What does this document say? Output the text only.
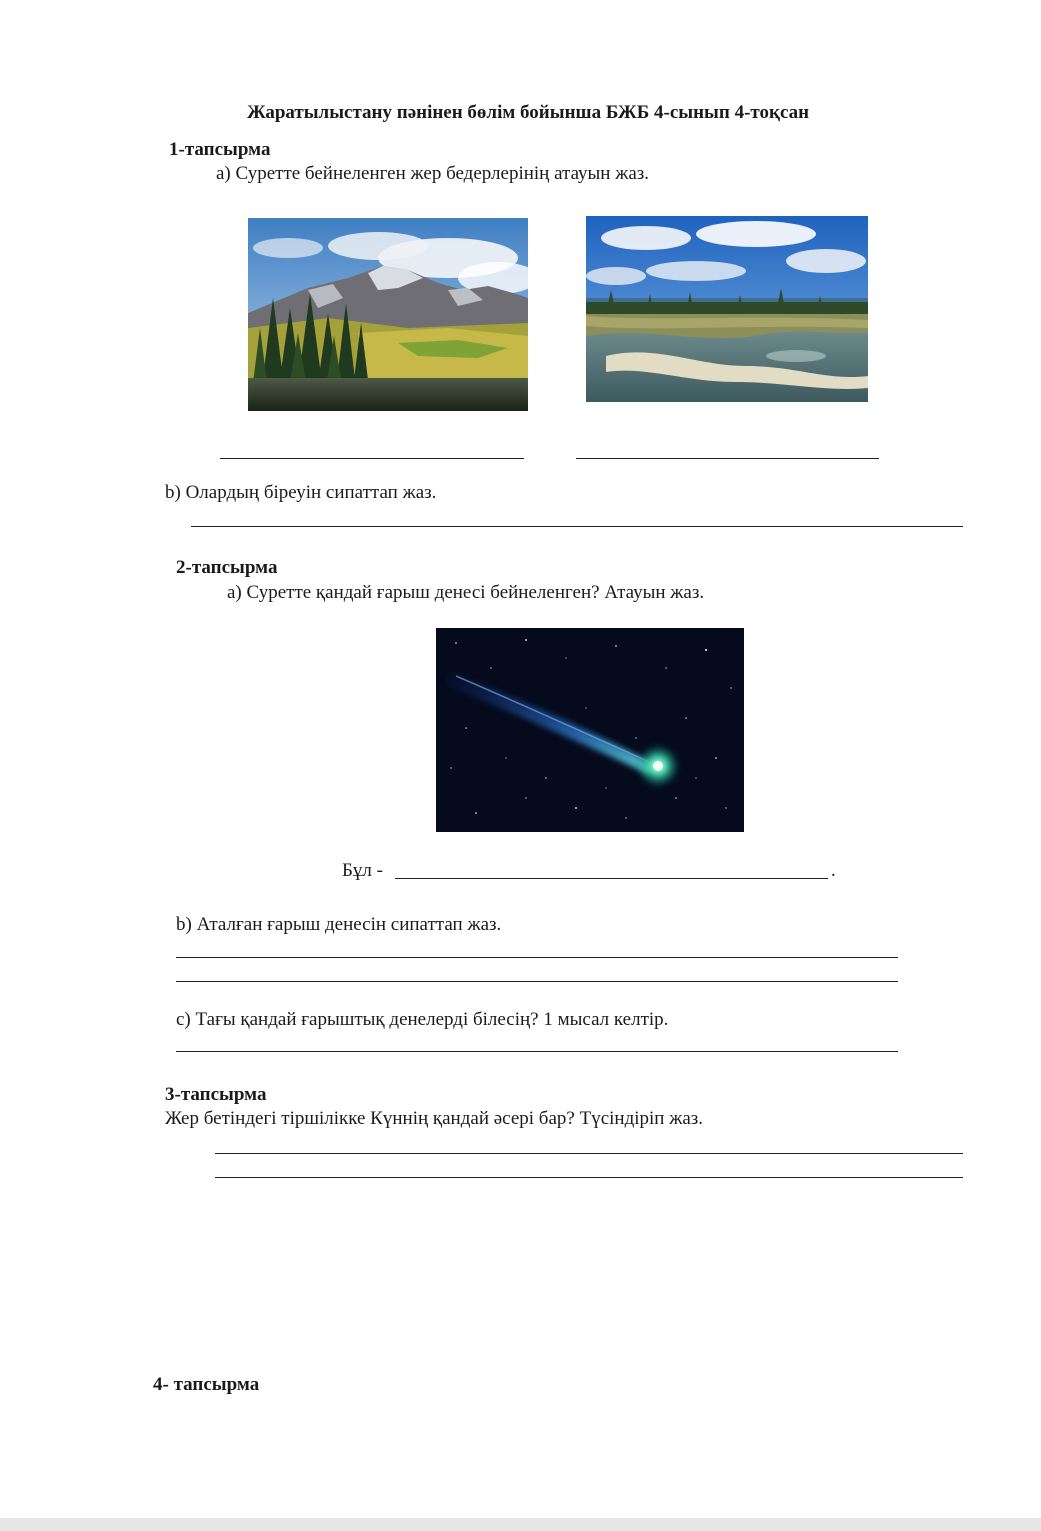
Жаратылыстану пәнінен бөлім бойынша БЖБ 4-сынып 4-тоқсан
1-тапсырма
а) Суретте бейнеленген жер бедерлерінің атауын жаз.
b) Олардың біреуін сипаттап жаз.
2-тапсырма
а) Суретте қандай ғарыш денесі бейнеленген? Атауын жаз.
Бұл -	.
b) Аталған ғарыш денесін сипаттап жаз.
с) Тағы қандай ғарыштық денелерді білесің? 1 мысал келтір.
3-тапсырма
Жер бетіндегі тіршілікке Күннің қандай әсері бар? Түсіндіріп жаз.
4- тапсырма
